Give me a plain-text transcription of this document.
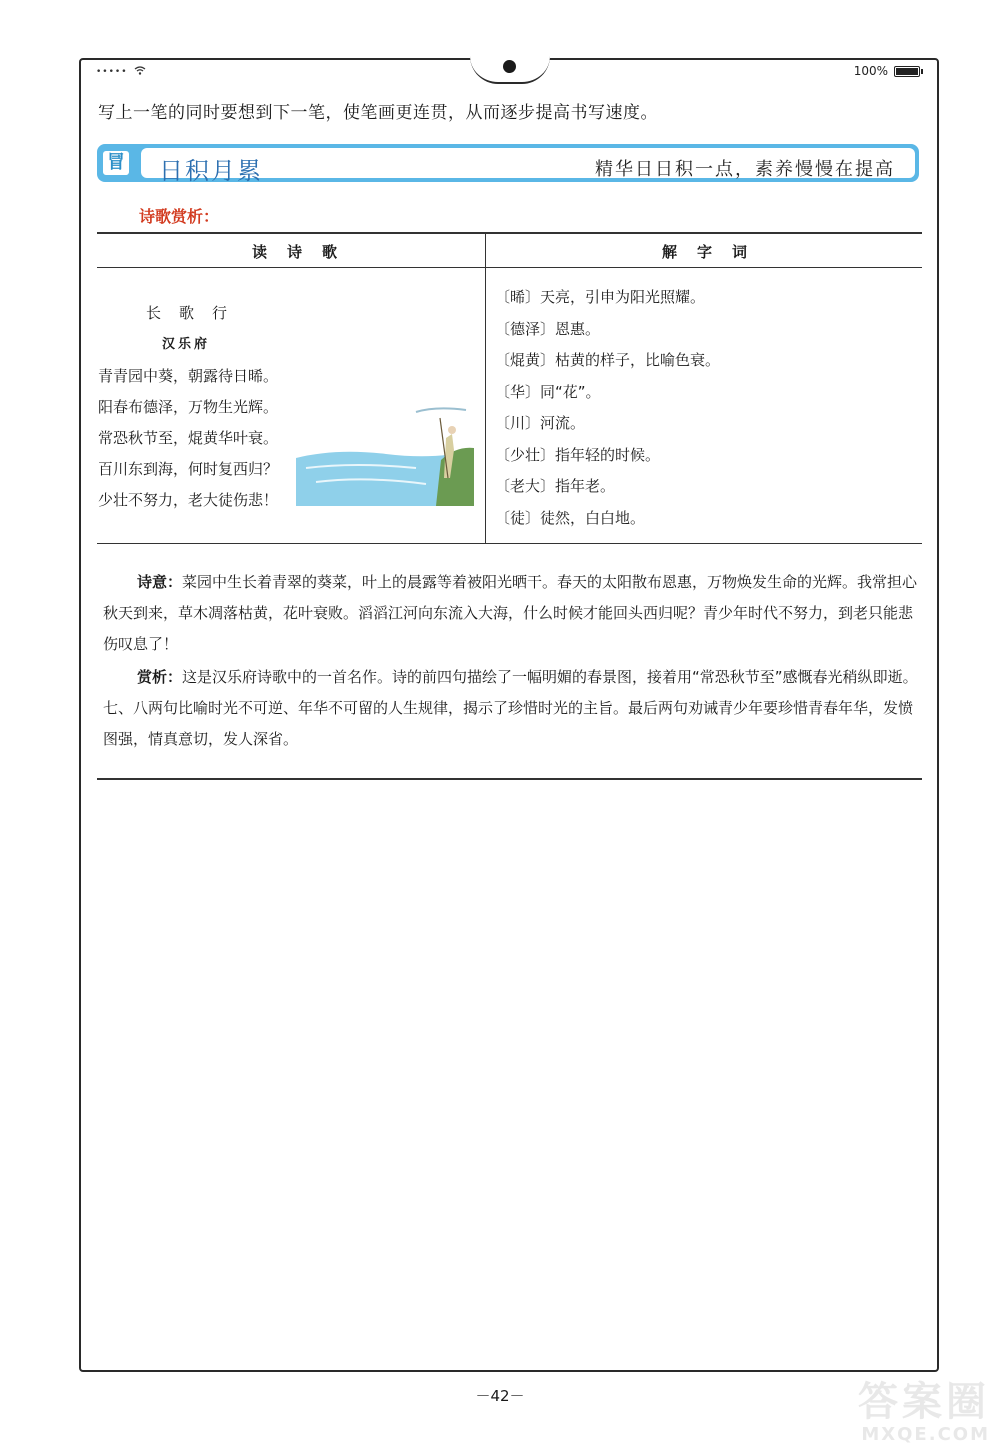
•••••	100%
写上一笔的同时要想到下一笔，使笔画更连贯，从而逐步提高书写速度。
冒 日积月累	精华日日积一点，素养慢慢在提高
诗歌赏析：
读诗歌	解字词
长歌行
汉乐府
青青园中葵，朝露待日晞。
阳春布德泽，万物生光辉。
常恐秋节至，焜黄华叶衰。
百川东到海，何时复西归？
少壮不努力，老大徒伤悲！
〔晞〕天亮，引申为阳光照耀。
〔德泽〕恩惠。
〔焜黄〕枯黄的样子，比喻色衰。
〔华〕同“花”。
〔川〕河流。
〔少壮〕指年轻的时候。
〔老大〕指年老。
〔徒〕徒然，白白地。

诗意：菜园中生长着青翠的葵菜，叶上的晨露等着被阳光晒干。春天的太阳散布恩惠，万物焕发生命的光辉。我常担心秋天到来，草木凋落枯黄，花叶衰败。滔滔江河向东流入大海，什么时候才能回头西归呢？青少年时代不努力，到老只能悲伤叹息了！

赏析：这是汉乐府诗歌中的一首名作。诗的前四句描绘了一幅明媚的春景图，接着用“常恐秋节至”感慨春光稍纵即逝。七、八两句比喻时光不可逆、年华不可留的人生规律，揭示了珍惜时光的主旨。最后两句劝诫青少年要珍惜青春年华，发愤图强，情真意切，发人深省。

－42－	答案圈
MXQE.COM
